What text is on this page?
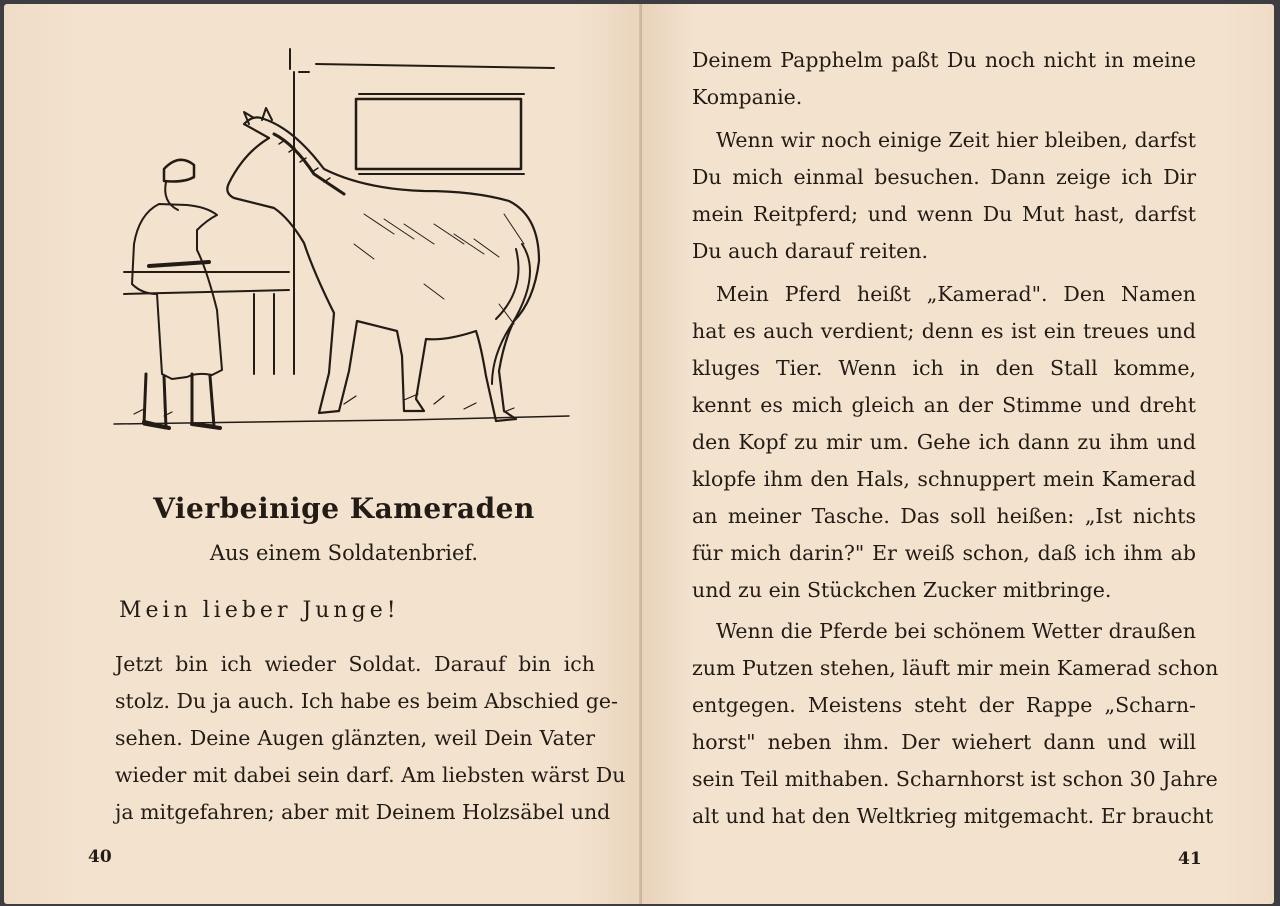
Vierbeinige Kameraden
Aus einem Soldatenbrief.
Mein lieber Junge!
Jetzt bin ich wieder Soldat. Darauf bin ich
stolz. Du ja auch. Ich habe es beim Abschied ge-
sehen. Deine Augen glänzten, weil Dein Vater
wieder mit dabei sein darf. Am liebsten wärst Du
ja mitgefahren; aber mit Deinem Holzsäbel und
40
Deinem Papphelm paßt Du noch nicht in meine
Kompanie.
Wenn wir noch einige Zeit hier bleiben, darfst
Du mich einmal besuchen. Dann zeige ich Dir
mein Reitpferd; und wenn Du Mut hast, darfst
Du auch darauf reiten.
Mein Pferd heißt „Kamerad". Den Namen
hat es auch verdient; denn es ist ein treues und
kluges Tier. Wenn ich in den Stall komme,
kennt es mich gleich an der Stimme und dreht
den Kopf zu mir um. Gehe ich dann zu ihm und
klopfe ihm den Hals, schnuppert mein Kamerad
an meiner Tasche. Das soll heißen: „Ist nichts
für mich darin?" Er weiß schon, daß ich ihm ab
und zu ein Stückchen Zucker mitbringe.
Wenn die Pferde bei schönem Wetter draußen
zum Putzen stehen, läuft mir mein Kamerad schon
entgegen. Meistens steht der Rappe „Scharn-
horst" neben ihm. Der wiehert dann und will
sein Teil mithaben. Scharnhorst ist schon 30 Jahre
alt und hat den Weltkrieg mitgemacht. Er braucht
41
